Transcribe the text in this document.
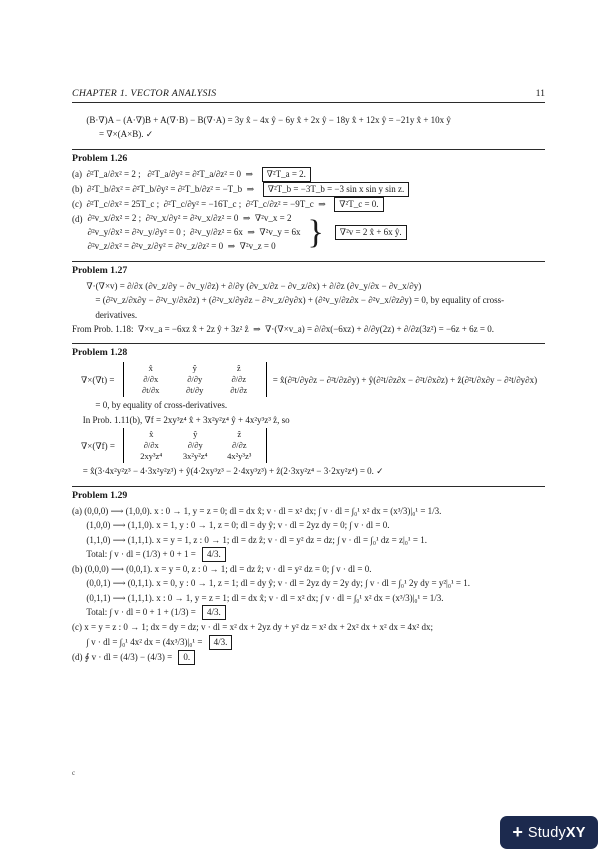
CHAPTER 1. VECTOR ANALYSIS	11
(B·∇)A − (A·∇)B + A(∇·B) − B(∇·A) = 3y x̂ − 4x ŷ − 6y x̂ + 2x ŷ − 18y x̂ + 12x ŷ = −21y x̂ + 10x ŷ
= ∇×(A×B). ✓
Problem 1.26
(a)  ∂²T_a/∂x² = 2 ;   ∂²T_a/∂y² = ∂²T_a/∂z² = 0  ⇒  ∇²T_a = 2.
(b)  ∂²T_b/∂x² = ∂²T_b/∂y² = ∂²T_b/∂z² = −T_b  ⇒  ∇²T_b = −3T_b = −3 sin x sin y sin z.
(c)  ∂²T_c/∂x² = 25T_c ;  ∂²T_c/∂y² = −16T_c ;  ∂²T_c/∂z² = −9T_c  ⇒  ∇²T_c = 0.
(d) ∂²v_x/∂x² = 2 ;  ∂²v_x/∂y² = ∂²v_x/∂z² = 0  ⇒  ∇²v_x = 2
∂²v_y/∂x² = ∂²v_y/∂y² = 0 ;  ∂²v_y/∂z² = 6x  ⇒  ∇²v_y = 6x
∂²v_z/∂x² = ∂²v_z/∂y² = ∂²v_z/∂z² = 0  ⇒  ∇²v_z = 0 }	∇²v = 2 x̂ + 6x ŷ.
Problem 1.27
∇·(∇×v) = ∂/∂x (∂v_z/∂y − ∂v_y/∂z) + ∂/∂y (∂v_x/∂z − ∂v_z/∂x) + ∂/∂z (∂v_y/∂x − ∂v_x/∂y)
= (∂²v_z/∂x∂y − ∂²v_y/∂x∂z) + (∂²v_x/∂y∂z − ∂²v_z/∂y∂x) + (∂²v_y/∂z∂x − ∂²v_x/∂z∂y) = 0, by equality of cross-derivatives.
From Prob. 1.18:  ∇×v_a = −6xz x̂ + 2z ŷ + 3z² ẑ  ⇒  ∇·(∇×v_a) = ∂/∂x(−6xz) + ∂/∂y(2z) + ∂/∂z(3z²) = −6z + 6z = 0.
Problem 1.28
∇×(∇t) =
x̂	ŷ	ẑ
∂/∂x	∂/∂y	∂/∂z
∂t/∂x	∂t/∂y	∂t/∂z
= x̂(∂²t/∂y∂z − ∂²t/∂z∂y) + ŷ(∂²t/∂z∂x − ∂²t/∂x∂z) + ẑ(∂²t/∂x∂y − ∂²t/∂y∂x)
= 0, by equality of cross-derivatives.
In Prob. 1.11(b), ∇f = 2xy³z⁴ x̂ + 3x²y²z⁴ ŷ + 4x²y³z³ ẑ, so
∇×(∇f) =
x̂	ŷ	ẑ
∂/∂x	∂/∂y	∂/∂z
2xy³z⁴	3x²y²z⁴	4x²y³z³
= x̂(3·4x²y²z³ − 4·3x²y²z³) + ŷ(4·2xy³z³ − 2·4xy³z³) + ẑ(2·3xy²z⁴ − 3·2xy²z⁴) = 0. ✓
Problem 1.29
(a) (0,0,0) ⟶ (1,0,0). x : 0 → 1, y = z = 0; dl = dx x̂; v · dl = x² dx; ∫ v · dl = ∫₀¹ x² dx = (x³/3)|₀¹ = 1/3.
(1,0,0) ⟶ (1,1,0). x = 1, y : 0 → 1, z = 0; dl = dy ŷ; v · dl = 2yz dy = 0; ∫ v · dl = 0.
(1,1,0) ⟶ (1,1,1). x = y = 1, z : 0 → 1; dl = dz ẑ; v · dl = y² dz = dz; ∫ v · dl = ∫₀¹ dz = z|₀¹ = 1.
Total: ∫ v · dl = (1/3) + 0 + 1 = 4/3.
(b) (0,0,0) ⟶ (0,0,1). x = y = 0, z : 0 → 1; dl = dz ẑ; v · dl = y² dz = 0; ∫ v · dl = 0.
(0,0,1) ⟶ (0,1,1). x = 0, y : 0 → 1, z = 1; dl = dy ŷ; v · dl = 2yz dy = 2y dy; ∫ v · dl = ∫₀¹ 2y dy = y²|₀¹ = 1.
(0,1,1) ⟶ (1,1,1). x : 0 → 1, y = z = 1; dl = dx x̂; v · dl = x² dx; ∫ v · dl = ∫₀¹ x² dx = (x³/3)|₀¹ = 1/3.
Total: ∫ v · dl = 0 + 1 + (1/3) = 4/3.
(c) x = y = z : 0 → 1; dx = dy = dz; v · dl = x² dx + 2yz dy + y² dz = x² dx + 2x² dx + x² dx = 4x² dx;
∫ v · dl = ∫₀¹ 4x² dx = (4x³/3)|₀¹ = 4/3.
(d) ∮ v · dl = (4/3) − (4/3) = 0.
c
+ StudyXY
